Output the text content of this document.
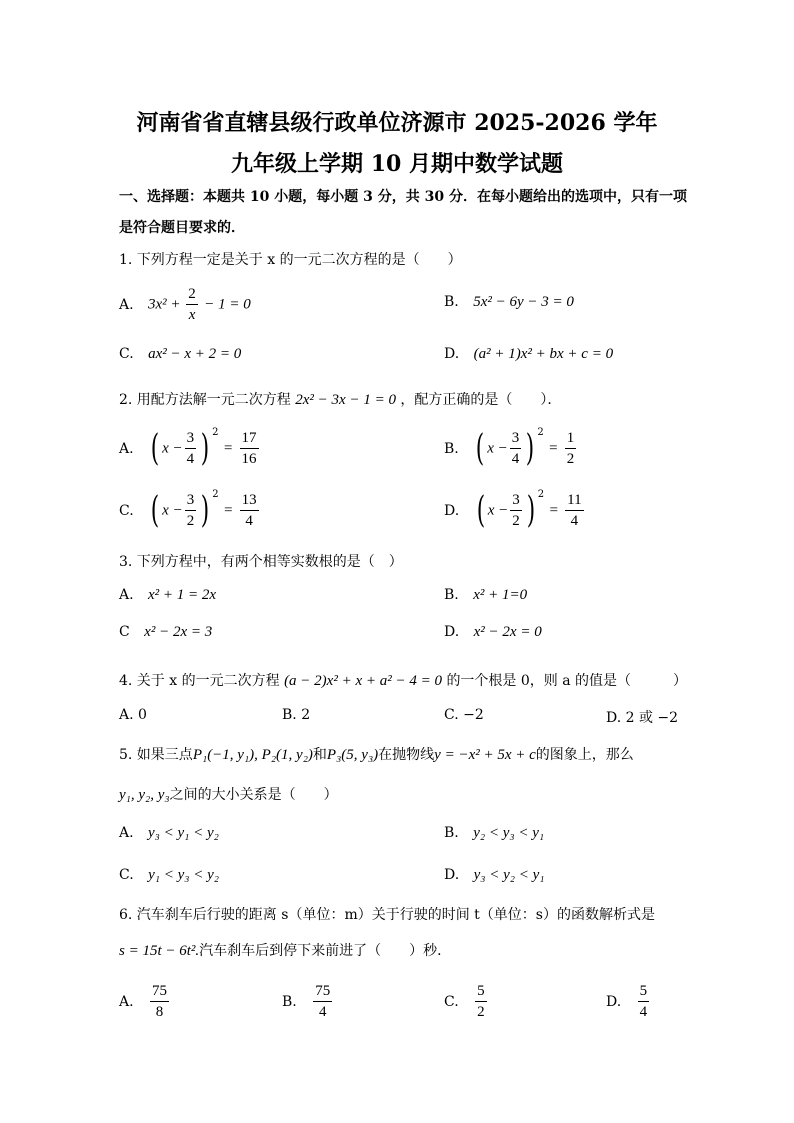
河南省省直辖县级行政单位济源市 2025-2026 学年
九年级上学期 10 月期中数学试题
一、选择题：本题共 10 小题，每小题 3 分，共 30 分．在每小题给出的选项中，只有一项
是符合题目要求的．
1. 下列方程一定是关于 x 的一元二次方程的是（　　）
A. $3x^2 + \frac{2}{x} - 1 = 0$	B. 5x² − 6y − 3 = 0
C. ax² − x + 2 = 0	D. (a² + 1)x² + bx + c = 0
2. 用配方法解一元二次方程 2x² − 3x − 1 = 0 ，配方正确的是（　　）．
A. ( $x - \frac{3}{4}$ ) $^2 = \frac{17}{16}$	B. ( $x - \frac{3}{4}$ ) $^2 = \frac{1}{2}$
C. ( $x - \frac{3}{2}$ ) $^2 = \frac{13}{4}$	D. ( $x - \frac{3}{2}$ ) $^2 = \frac{11}{4}$
3. 下列方程中，有两个相等实数根的是（　）
A. x² + 1 = 2x	B. x² + 1=0
C x² − 2x = 3	D. x² − 2x = 0
4. 关于 x 的一元二次方程 (a − 2)x² + x + a² − 4 = 0 的一个根是 0，则 a 的值是（　　　）
A. 0	B. 2	C. −2	D. 2 或 −2
5. 如果三点P₁(−1, y₁), P₂(1, y₂)和P₃(5, y₃)在抛物线y = −x² + 5x + c的图象上，那么
y₁, y₂, y₃之间的大小关系是（　　）
A. y₃ < y₁ < y₂	B. y₂ < y₃ < y₁
C. y₁ < y₃ < y₂	D. y₃ < y₂ < y₁
6. 汽车刹车后行驶的距离 s（单位：m）关于行驶的时间 t（单位：s）的函数解析式是
s = 15t − 6t².汽车刹车后到停下来前进了（　　）秒．
A. $\frac{75}{8}$	B. $\frac{75}{4}$	C. $\frac{5}{2}$	D. $\frac{5}{4}$
